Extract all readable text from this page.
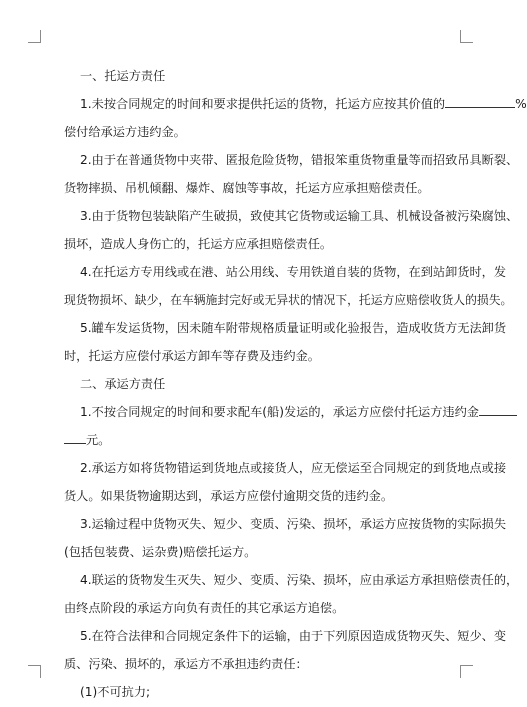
一、托运方责任
1.未按合同规定的时间和要求提供托运的货物，托运方应按其价值的	%
偿付给承运方违约金。
2.由于在普通货物中夹带、匿报危险货物，错报笨重货物重量等而招致吊具断裂、
货物摔损、吊机倾翻、爆炸、腐蚀等事故，托运方应承担赔偿责任。
3.由于货物包装缺陷产生破损，致使其它货物或运输工具、机械设备被污染腐蚀、
损坏，造成人身伤亡的，托运方应承担赔偿责任。
4.在托运方专用线或在港、站公用线、专用铁道自装的货物，在到站卸货时，发
现货物损坏、缺少，在车辆施封完好或无异状的情况下，托运方应赔偿收货人的损失。
5.罐车发运货物，因未随车附带规格质量证明或化验报告，造成收货方无法卸货
时，托运方应偿付承运方卸车等存费及违约金。
二、承运方责任
1.不按合同规定的时间和要求配车(船)发运的，承运方应偿付托运方违约金
元。
2.承运方如将货物错运到货地点或接货人，应无偿运至合同规定的到货地点或接
货人。如果货物逾期达到，承运方应偿付逾期交货的违约金。
3.运输过程中货物灭失、短少、变质、污染、损坏，承运方应按货物的实际损失
(包括包装费、运杂费)赔偿托运方。
4.联运的货物发生灭失、短少、变质、污染、损坏，应由承运方承担赔偿责任的，
由终点阶段的承运方向负有责任的其它承运方追偿。
5.在符合法律和合同规定条件下的运输，由于下列原因造成货物灭失、短少、变
质、污染、损坏的，承运方不承担违约责任：
(1)不可抗力;
